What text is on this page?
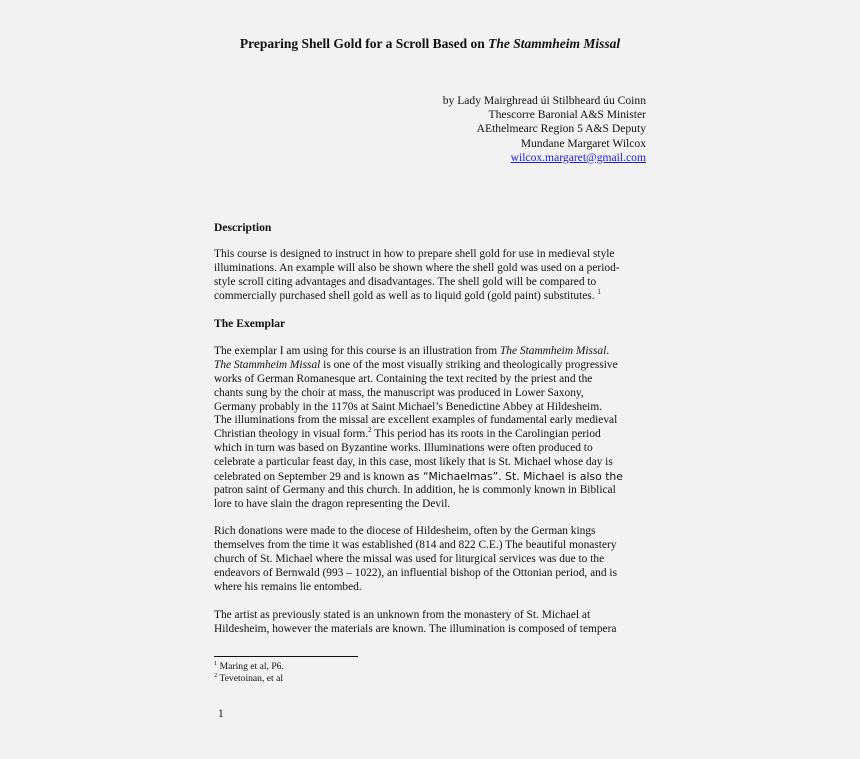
Preparing Shell Gold for a Scroll Based on The Stammheim Missal
by Lady Mairghread úi Stilbheard úu Coinn
Thescorre Baronial A&S Minister
AEthelmearc Region 5 A&S Deputy
Mundane Margaret Wilcox
wilcox.margaret@gmail.com
Description
This course is designed to instruct in how to prepare shell gold for use in medieval style
illuminations. An example will also be shown where the shell gold was used on a period-
style scroll citing advantages and disadvantages. The shell gold will be compared to
commercially purchased shell gold as well as to liquid gold (gold paint) substitutes. $^1$
The Exemplar
The exemplar I am using for this course is an illustration from The Stammheim Missal.
The Stammheim Missal is one of the most visually striking and theologically progressive
works of German Romanesque art. Containing the text recited by the priest and the
chants sung by the choir at mass, the manuscript was produced in Lower Saxony,
Germany probably in the 1170s at Saint Michael’s Benedictine Abbey at Hildesheim.
The illuminations from the missal are excellent examples of fundamental early medieval
Christian theology in visual form.$^2$ This period has its roots in the Carolingian period
which in turn was based on Byzantine works. Illuminations were often produced to
celebrate a particular feast day, in this case, most likely that is St. Michael whose day is
celebrated on September 29 and is known as “Michaelmas”. St. Michael is also the
patron saint of Germany and this church. In addition, he is commonly known in Biblical
lore to have slain the dragon representing the Devil.
Rich donations were made to the diocese of Hildesheim, often by the German kings
themselves from the time it was established (814 and 822 C.E.) The beautiful monastery
church of St. Michael where the missal was used for liturgical services was due to the
endeavors of Bernwald (993 – 1022), an influential bishop of the Ottonian period, and is
where his remains lie entombed.
The artist as previously stated is an unknown from the monastery of St. Michael at
Hildesheim, however the materials are known. The illumination is composed of tempera
$^1$ Maring et al, P6.
$^2$ Tevetoinan, et al
1
